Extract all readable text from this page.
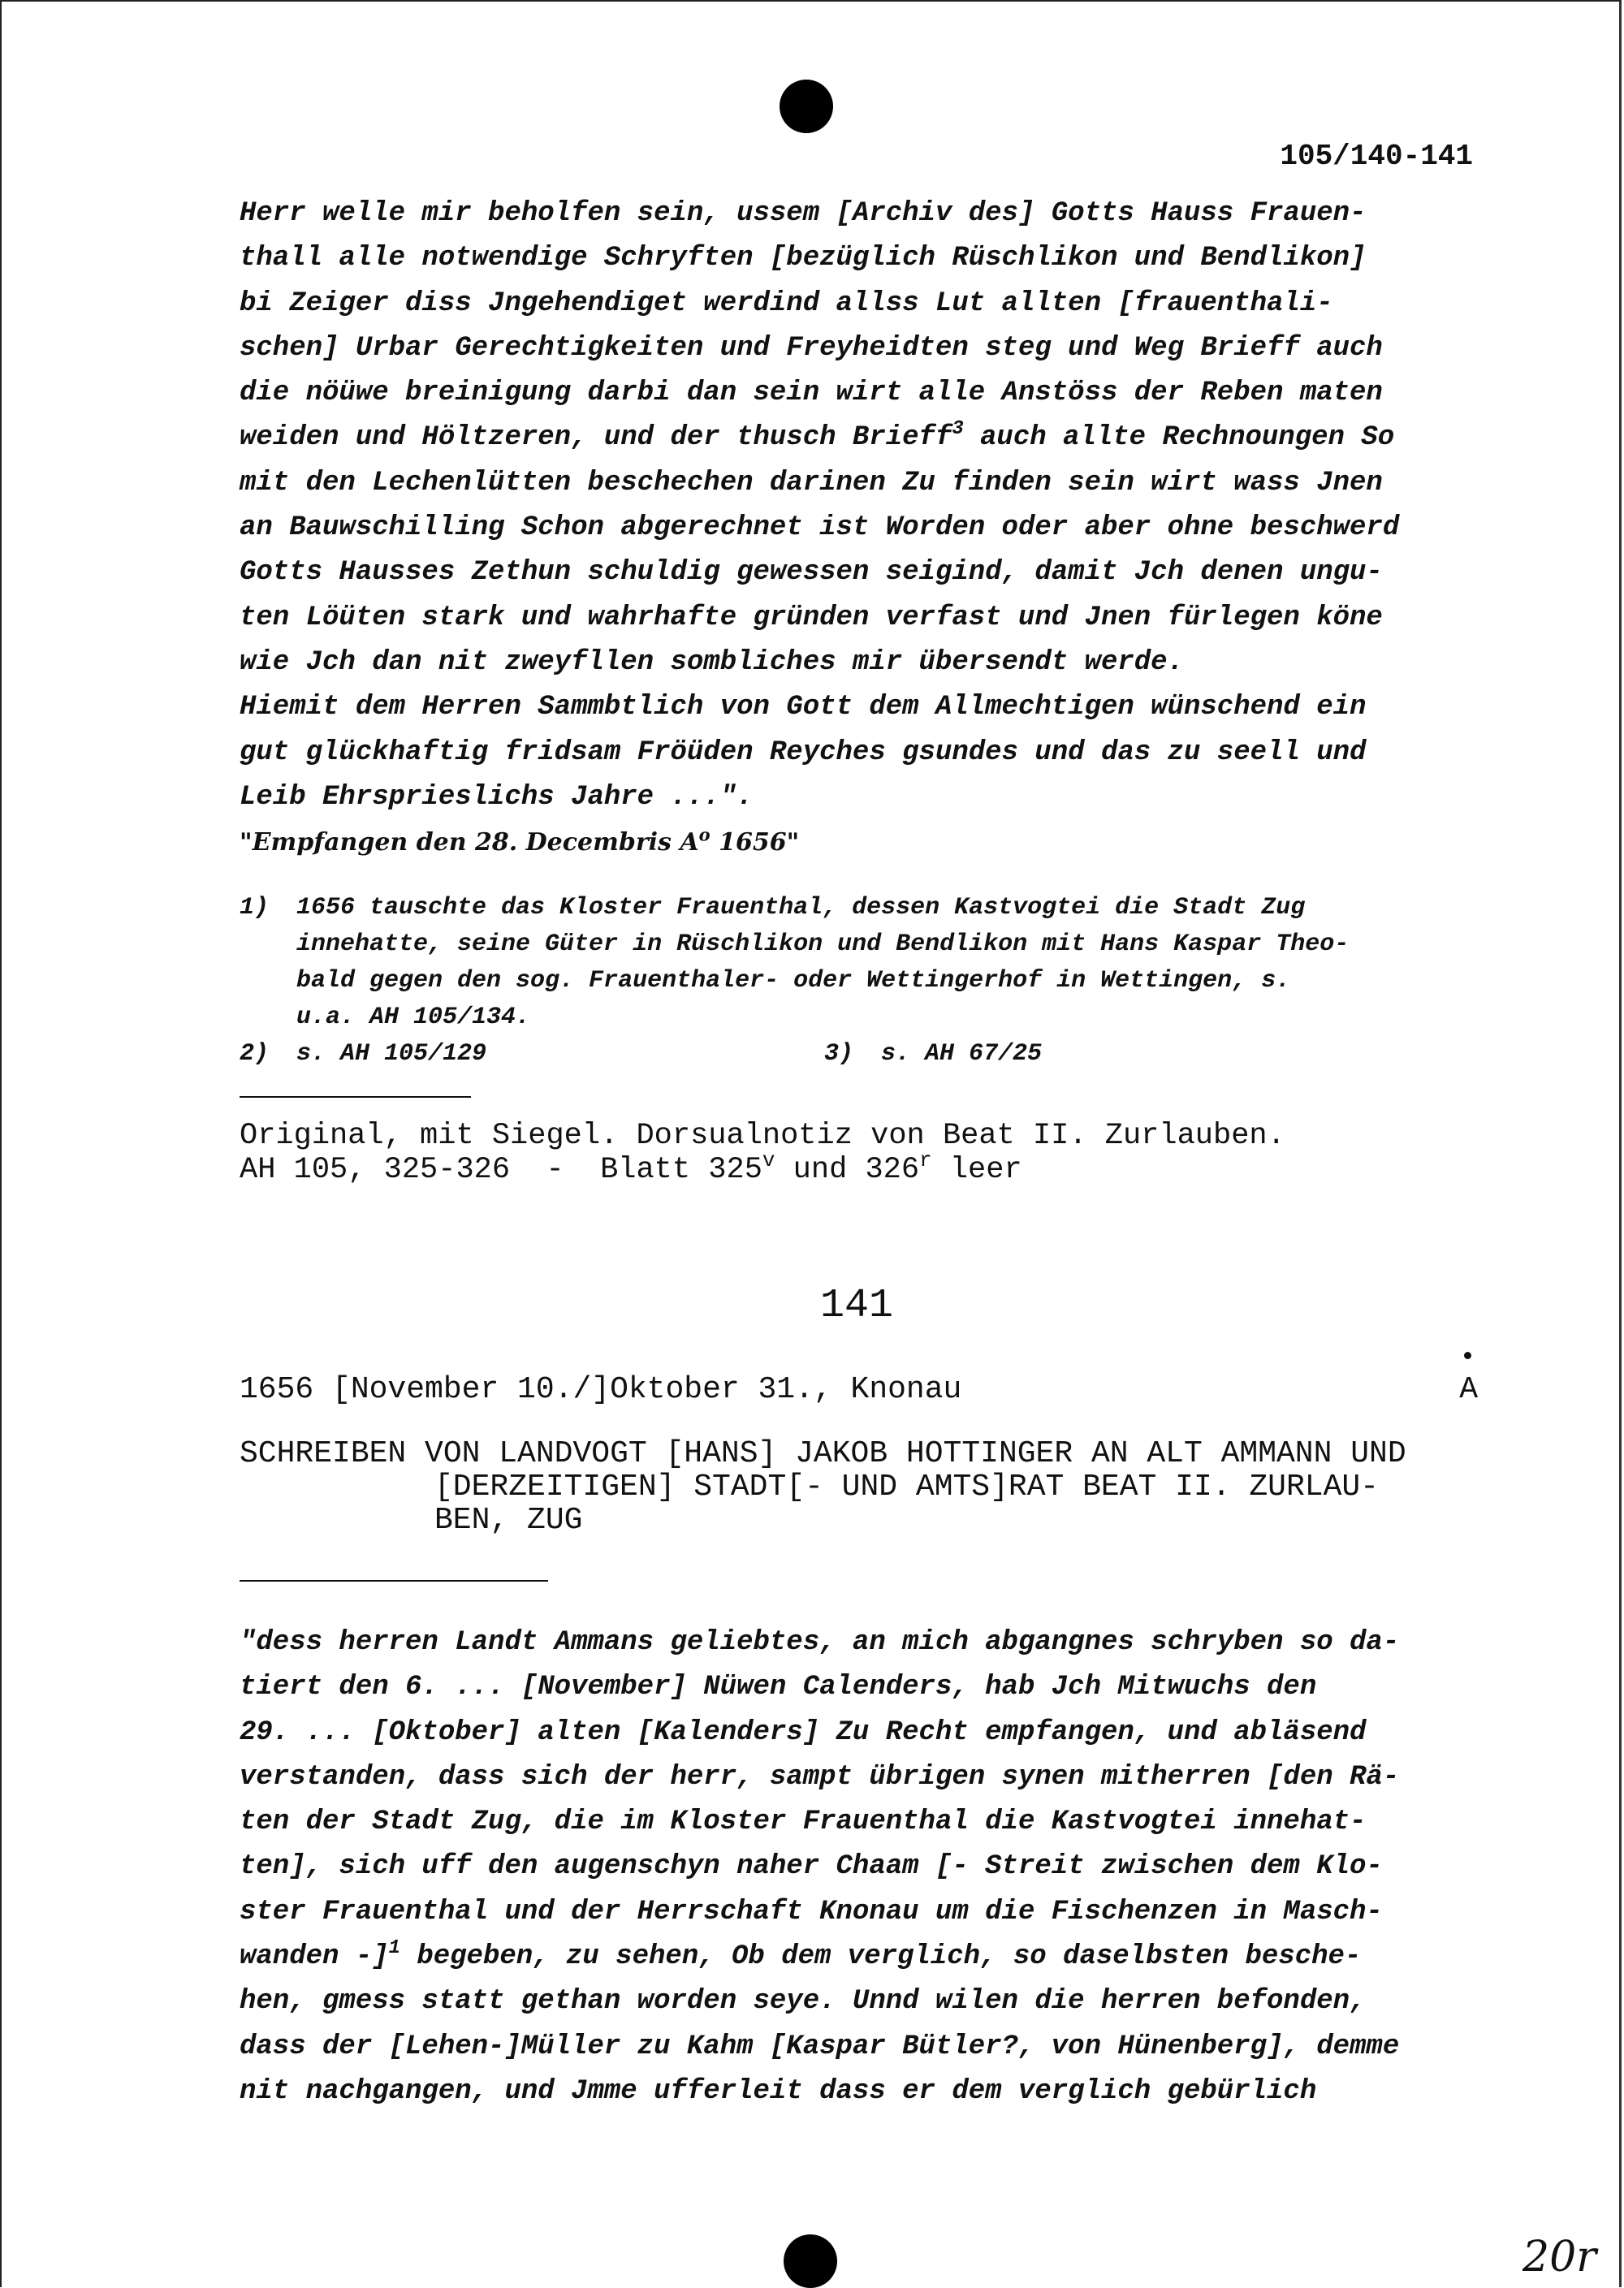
105/140-141
Herr welle mir beholfen sein, ussem [Archiv des] Gotts Hauss Frauen-
thall alle notwendige Schryften [bezüglich Rüschlikon und Bendlikon]
bi Zeiger diss Jngehendiget werdind allss Lut allten [frauenthali-
schen] Urbar Gerechtigkeiten und Freyheidten steg und Weg Brieff auch
die nöüwe breinigung darbi dan sein wirt alle Anstöss der Reben maten
weiden und Höltzeren, und der thusch Brieff$^3$ auch allte Rechnoungen So
mit den Lechenlütten beschechen darinen Zu finden sein wirt wass Jnen
an Bauwschilling Schon abgerechnet ist Worden oder aber ohne beschwerd
Gotts Hausses Zethun schuldig gewessen seigind, damit Jch denen ungu-
ten Löüten stark und wahrhafte gründen verfast und Jnen fürlegen köne
wie Jch dan nit zweyfllen sombliches mir übersendt werde.
Hiemit dem Herren Sammbtlich von Gott dem Allmechtigen wünschend ein
gut glückhaftig fridsam Fröüden Reyches gsundes und das zu seell und
Leib Ehrsprieslichs Jahre ...".
"Empfangen den 28. Decembris $A^o$ 1656"
1)	1656 tauschte das Kloster Frauenthal, dessen Kastvogtei die Stadt Zug
innehatte, seine Güter in Rüschlikon und Bendlikon mit Hans Kaspar Theo-
bald gegen den sog. Frauenthaler- oder Wettingerhof in Wettingen, s.
u.a. AH 105/134.
2)	s. AH 105/129	3)	s. AH 67/25
Original, mit Siegel. Dorsualnotiz von Beat II. Zurlauben.
AH 105, 325-326  -  Blatt 325$^v$ und 326$^r$ leer
141
1656 [November 10./]Oktober 31., Knonau	A
SCHREIBEN VON LANDVOGT [HANS] JAKOB HOTTINGER AN ALT AMMANN UND
[DERZEITIGEN] STADT[- UND AMTS]RAT BEAT II. ZURLAU-
BEN, ZUG
"dess herren Landt Ammans geliebtes, an mich abgangnes schryben so da-
tiert den 6. ... [November] Nüwen Calenders, hab Jch Mitwuchs den
29. ... [Oktober] alten [Kalenders] Zu Recht empfangen, und abläsend
verstanden, dass sich der herr, sampt übrigen synen mitherren [den Rä-
ten der Stadt Zug, die im Kloster Frauenthal die Kastvogtei innehat-
ten], sich uff den augenschyn naher Chaam [- Streit zwischen dem Klo-
ster Frauenthal und der Herrschaft Knonau um die Fischenzen in Masch-
wanden -]$^1$ begeben, zu sehen, Ob dem verglich, so daselbsten besche-
hen, gmess statt gethan worden seye. Unnd wilen die herren befonden,
dass der [Lehen-]Müller zu Kahm [Kaspar Bütler?, von Hünenberg], demme
nit nachgangen, und Jmme ufferleit dass er dem verglich gebürlich
20r
